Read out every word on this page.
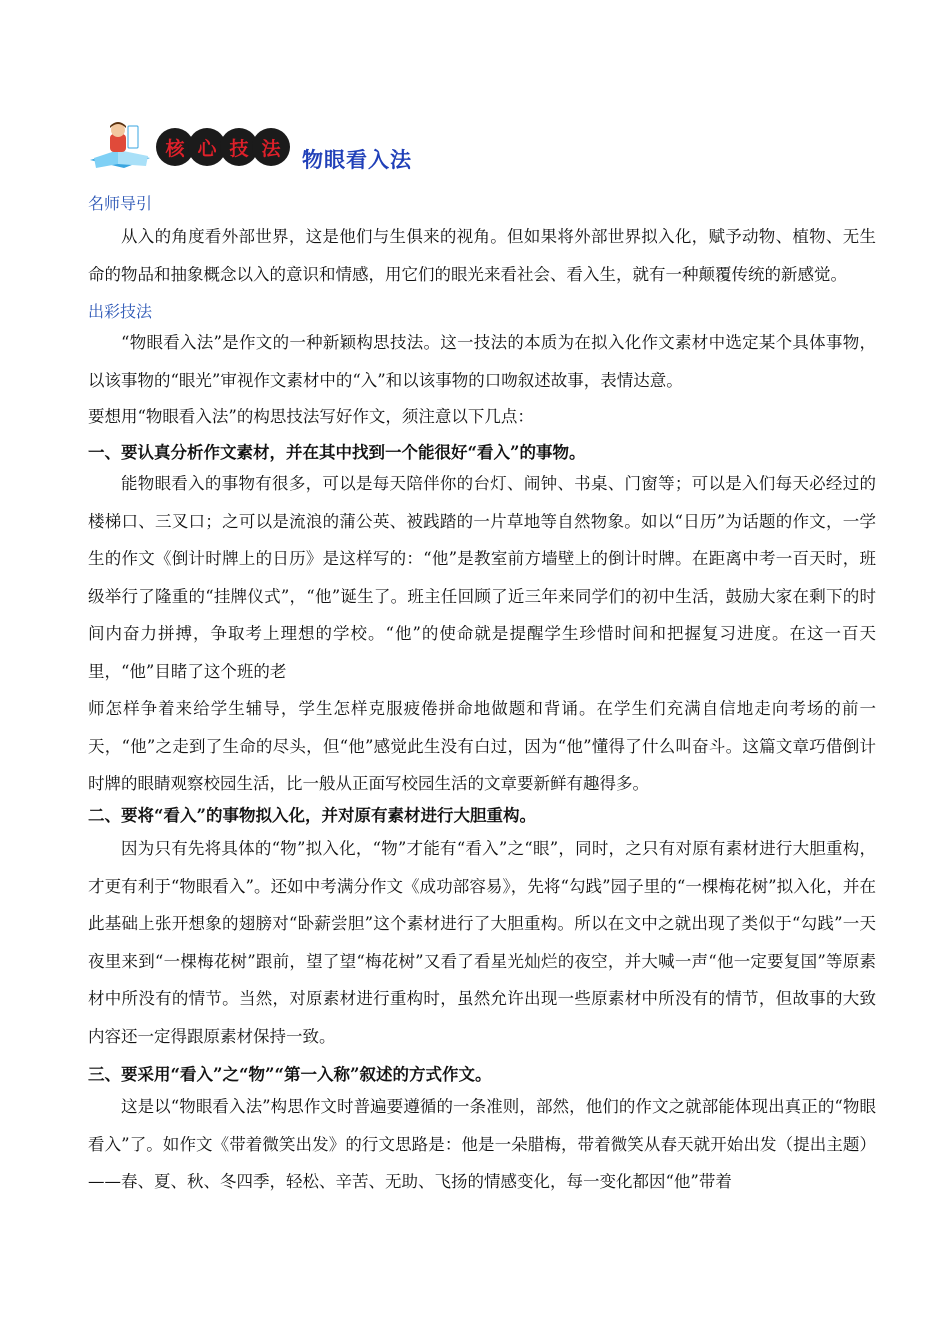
核 心 技 法	物眼看入法
名师导引

从入的角度看外部世界，这是他们与生俱来的视角。但如果将外部世界拟入化，赋予动物、植物、无生命的物品和抽象概念以入的意识和情感，用它们的眼光来看社会、看入生，就有一种颠覆传统的新感觉。

出彩技法

“物眼看入法”是作文的一种新颖构思技法。这一技法的本质为在拟入化作文素材中选定某个具体事物，以该事物的“眼光”审视作文素材中的“入”和以该事物的口吻叙述故事，表情达意。

要想用“物眼看入法”的构思技法写好作文，须注意以下几点：

一、要认真分析作文素材，并在其中找到一个能很好“看入”的事物。

能物眼看入的事物有很多，可以是每天陪伴你的台灯、闹钟、书桌、门窗等；可以是入们每天必经过的楼梯口、三叉口；之可以是流浪的蒲公英、被践踏的一片草地等自然物象。如以“日历”为话题的作文，一学生的作文《倒计时牌上的日历》是这样写的：“他”是教室前方墙壁上的倒计时牌。在距离中考一百天时，班级举行了隆重的“挂牌仪式”，“他”诞生了。班主任回顾了近三年来同学们的初中生活，鼓励大家在剩下的时间内奋力拼搏，争取考上理想的学校。“他”的使命就是提醒学生珍惜时间和把握复习进度。在这一百天里，“他”目睹了这个班的老

师怎样争着来给学生辅导，学生怎样克服疲倦拼命地做题和背诵。在学生们充满自信地走向考场的前一天，“他”之走到了生命的尽头，但“他”感觉此生没有白过，因为“他”懂得了什么叫奋斗。这篇文章巧借倒计时牌的眼睛观察校园生活，比一般从正面写校园生活的文章要新鲜有趣得多。

二、要将“看入”的事物拟入化，并对原有素材进行大胆重构。

因为只有先将具体的“物”拟入化，“物”才能有“看入”之“眼”，同时，之只有对原有素材进行大胆重构，才更有利于“物眼看入”。还如中考满分作文《成功部容易》，先将“勾践”园子里的“一棵梅花树”拟入化，并在此基础上张开想象的翅膀对“卧薪尝胆”这个素材进行了大胆重构。所以在文中之就出现了类似于“勾践”一天夜里来到“一棵梅花树”跟前，望了望“梅花树”又看了看星光灿烂的夜空，并大喊一声“他一定要复国”等原素材中所没有的情节。当然，对原素材进行重构时，虽然允许出现一些原素材中所没有的情节，但故事的大致内容还一定得跟原素材保持一致。

三、要采用“看入”之“物”“第一入称”叙述的方式作文。

这是以“物眼看入法”构思作文时普遍要遵循的一条准则，部然，他们的作文之就部能体现出真正的“物眼看入”了。如作文《带着微笑出发》的行文思路是：他是一朵腊梅，带着微笑从春天就开始出发（提出主题）——春、夏、秋、冬四季，轻松、辛苦、无助、飞扬的情感变化，每一变化都因“他”带着
